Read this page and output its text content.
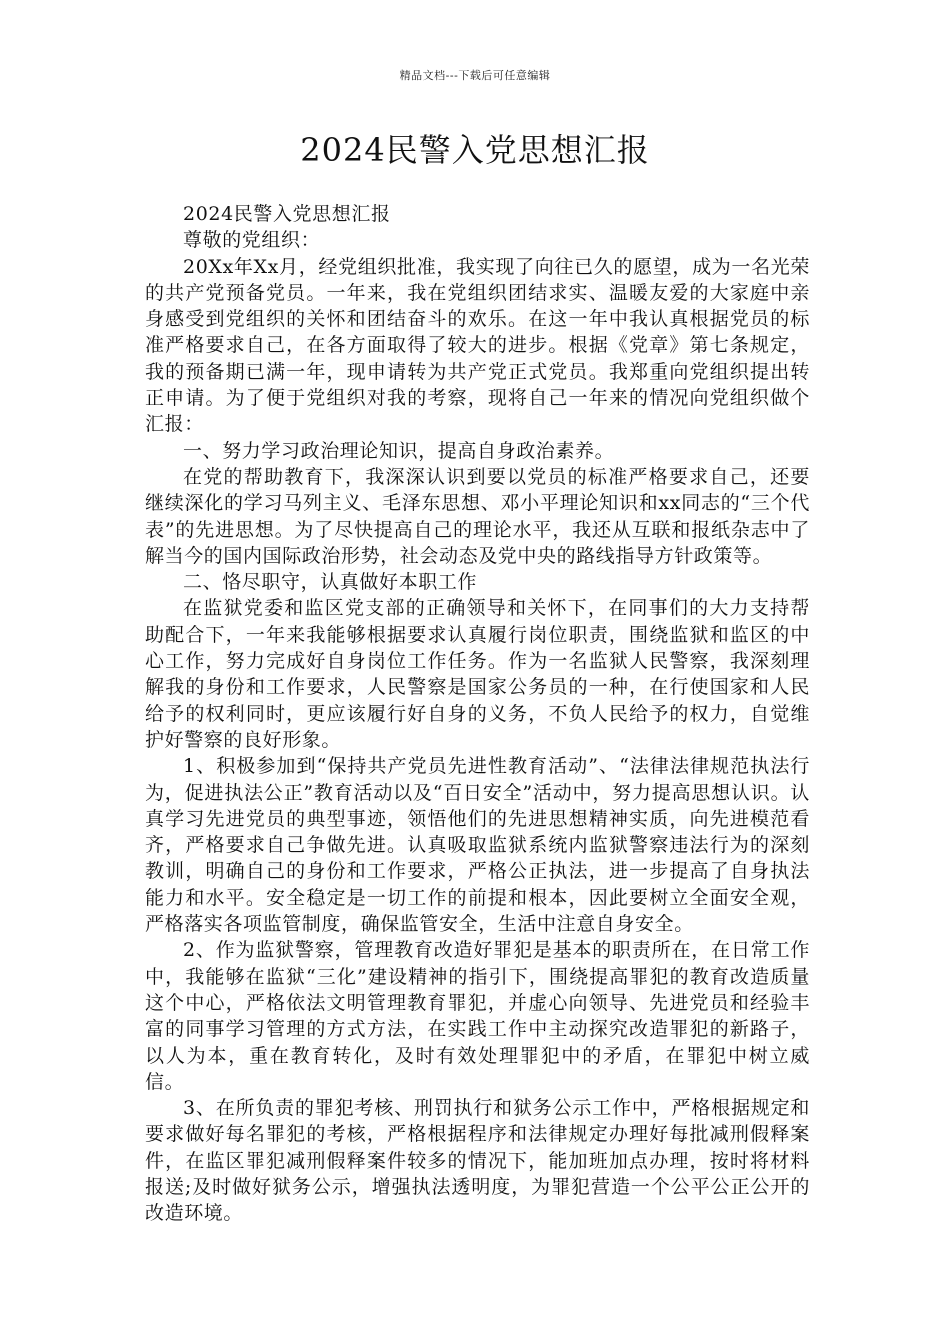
精品文档---下载后可任意编辑
2024民警入党思想汇报

2024民警入党思想汇报

尊敬的党组织：

20Xx年Xx月，经党组织批准，我实现了向往已久的愿望，成为一名光荣的共产党预备党员。一年来，我在党组织团结求实、温暖友爱的大家庭中亲身感受到党组织的关怀和团结奋斗的欢乐。在这一年中我认真根据党员的标准严格要求自己，在各方面取得了较大的进步。根据《党章》第七条规定，我的预备期已满一年，现申请转为共产党正式党员。我郑重向党组织提出转正申请。为了便于党组织对我的考察，现将自己一年来的情况向党组织做个汇报：

一、努力学习政治理论知识，提高自身政治素养。

在党的帮助教育下，我深深认识到要以党员的标准严格要求自己，还要继续深化的学习马列主义、毛泽东思想、邓小平理论知识和xx同志的“三个代表”的先进思想。为了尽快提高自己的理论水平，我还从互联和报纸杂志中了解当今的国内国际政治形势，社会动态及党中央的路线指导方针政策等。

二、恪尽职守，认真做好本职工作

在监狱党委和监区党支部的正确领导和关怀下，在同事们的大力支持帮助配合下，一年来我能够根据要求认真履行岗位职责，围绕监狱和监区的中心工作，努力完成好自身岗位工作任务。作为一名监狱人民警察，我深刻理解我的身份和工作要求，人民警察是国家公务员的一种，在行使国家和人民给予的权利同时，更应该履行好自身的义务，不负人民给予的权力，自觉维护好警察的良好形象。

1、积极参加到“保持共产党员先进性教育活动”、“法律法律规范执法行为，促进执法公正”教育活动以及“百日安全”活动中，努力提高思想认识。认真学习先进党员的典型事迹，领悟他们的先进思想精神实质，向先进模范看齐，严格要求自己争做先进。认真吸取监狱系统内监狱警察违法行为的深刻教训，明确自己的身份和工作要求，严格公正执法，进一步提高了自身执法能力和水平。安全稳定是一切工作的前提和根本，因此要树立全面安全观，严格落实各项监管制度，确保监管安全，生活中注意自身安全。

2、作为监狱警察，管理教育改造好罪犯是基本的职责所在，在日常工作中，我能够在监狱“三化”建设精神的指引下，围绕提高罪犯的教育改造质量这个中心，严格依法文明管理教育罪犯，并虚心向领导、先进党员和经验丰富的同事学习管理的方式方法，在实践工作中主动探究改造罪犯的新路子，以人为本，重在教育转化，及时有效处理罪犯中的矛盾，在罪犯中树立威信。

3、在所负责的罪犯考核、刑罚执行和狱务公示工作中，严格根据规定和要求做好每名罪犯的考核，严格根据程序和法律规定办理好每批减刑假释案件，在监区罪犯减刑假释案件较多的情况下，能加班加点办理，按时将材料报送;及时做好狱务公示，增强执法透明度，为罪犯营造一个公平公正公开的改造环境。
